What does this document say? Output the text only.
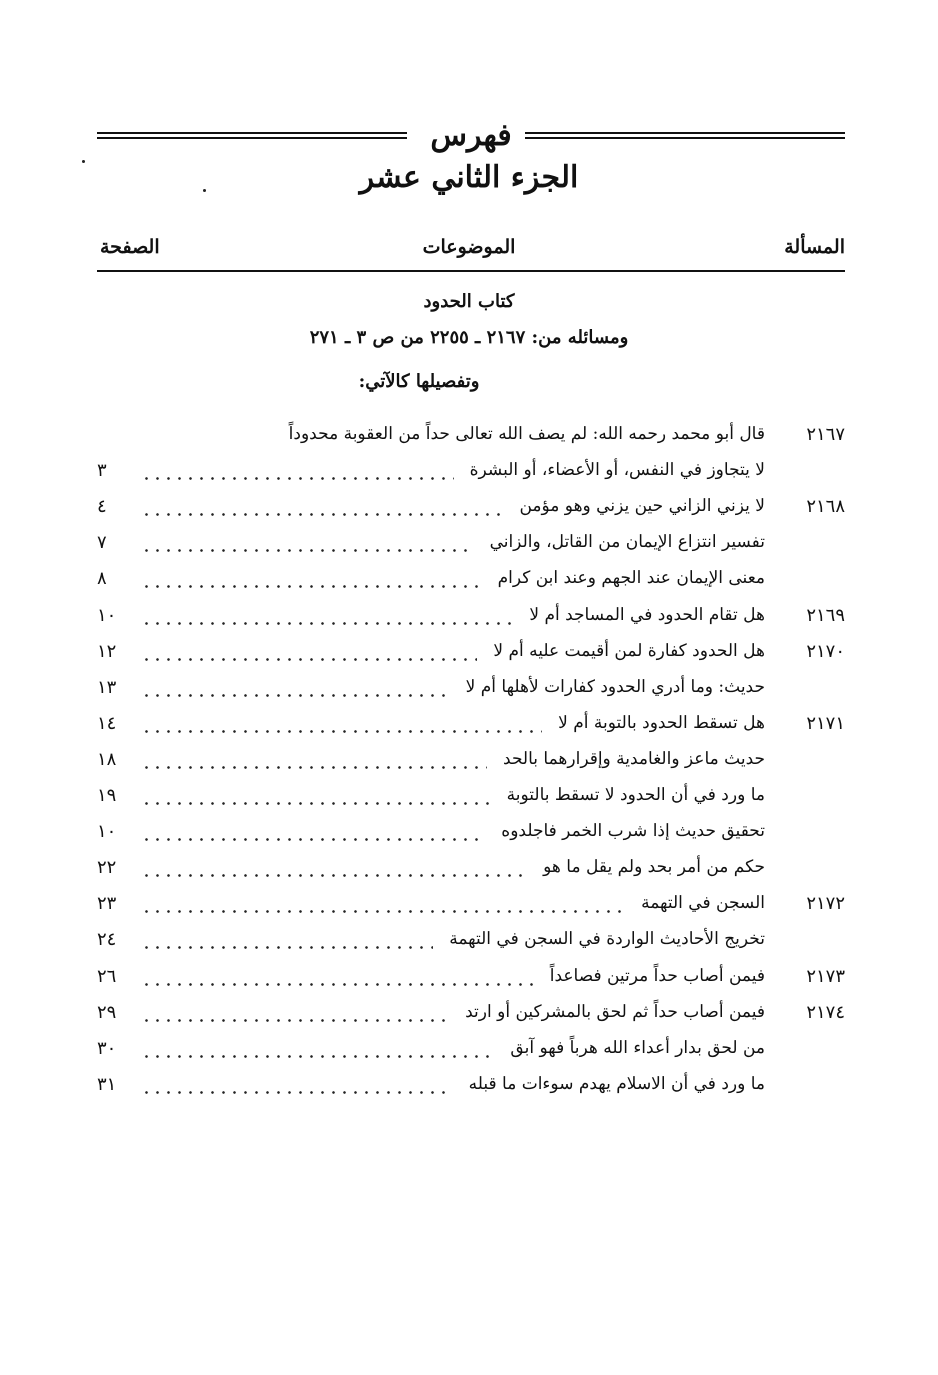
فهرس
الجزء الثاني عشر
المسألة
الموضوعات
الصفحة
كتاب الحدود
ومسائله من: ٢١٦٧ ـ ٢٢٥٥ من ص ٣ ـ ٢٧١
وتفصيلها كالآتي:
٢١٦٧
قال أبو محمد رحمه الله: لم يصف الله تعالى حداً من العقوبة محدوداً
لا يتجاوز في النفس، أو الأعضاء، أو البشرة
٣
٢١٦٨
لا يزني الزاني حين يزني وهو مؤمن
٤
تفسير انتزاع الإيمان من القاتل، والزاني
٧
معنى الإيمان عند الجهم وعند ابن كرام
٨
٢١٦٩
هل تقام الحدود في المساجد أم لا
١٠
٢١٧٠
هل الحدود كفارة لمن أقيمت عليه أم لا
١٢
حديث: وما أدري الحدود كفارات لأهلها أم لا
١٣
٢١٧١
هل تسقط الحدود بالتوبة أم لا
١٤
حديث ماعز والغامدية وإقرارهما بالحد
١٨
ما ورد في أن الحدود لا تسقط بالتوبة
١٩
تحقيق حديث إذا شرب الخمر فاجلدوه
١٠
حكم من أمر بحد ولم يقل ما هو
٢٢
٢١٧٢
السجن في التهمة
٢٣
تخريج الأحاديث الواردة في السجن في التهمة
٢٤
٢١٧٣
فيمن أصاب حداً مرتين فصاعداً
٢٦
٢١٧٤
فيمن أصاب حداً ثم لحق بالمشركين أو ارتد
٢٩
من لحق بدار أعداء الله هرباً فهو آبق
٣٠
ما ورد في أن الاسلام يهدم سوءات ما قبله
٣١
